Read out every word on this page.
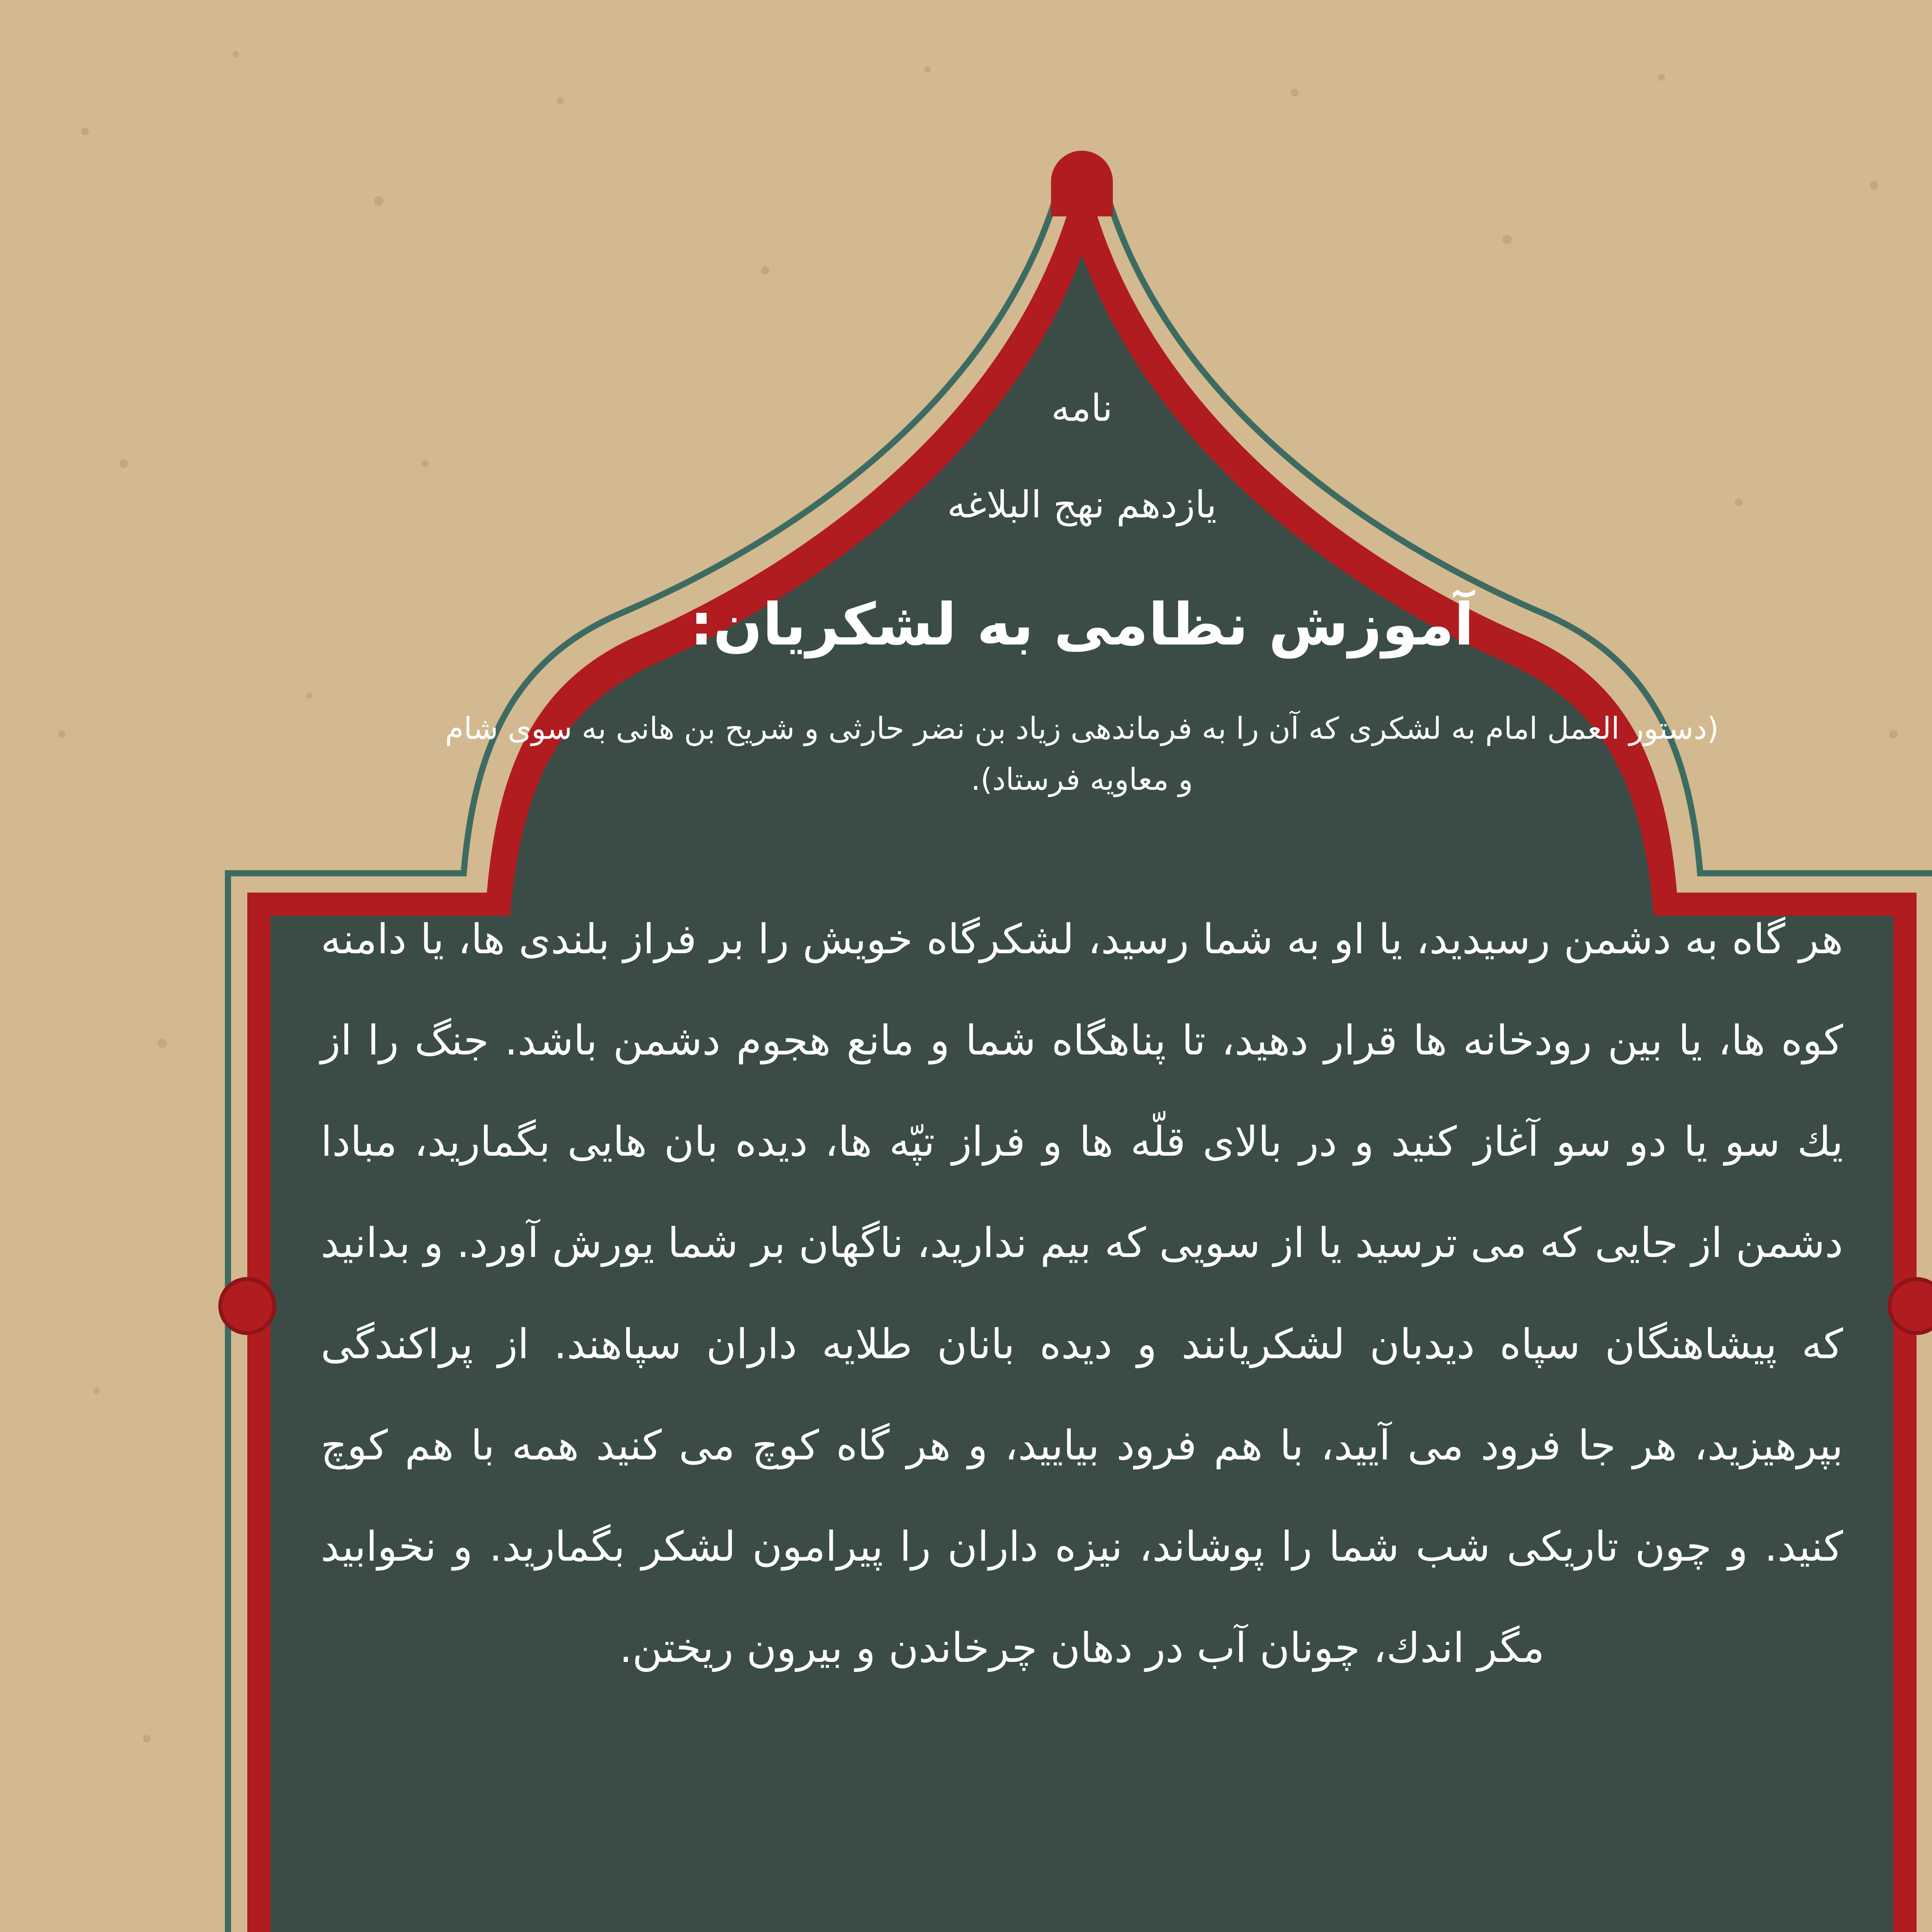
نامه
یازدهم نهج البلاغه
آموزش نظامی به لشکریان:
(دستور العمل امام به لشکری که آن را به فرماندهی زیاد بن نضر حارثی و شریح بن هانی به سوی شام و معاویه فرستاد).
هر گاه به دشمن رسیدید، یا او به شما رسید، لشکرگاه خویش را بر فراز بلندی ها، یا دامنه کوه ها، یا بین رودخانه ها قرار دهید، تا پناهگاه شما و مانع هجوم دشمن باشد. جنگ را از يك سو یا دو سو آغاز کنید و در بالای قلّه ها و فراز تپّه ها، دیده بان هایی بگمارید، مبادا دشمن از جایی که می ترسید یا از سویی که بیم ندارید، ناگهان بر شما یورش آورد. و بدانید که پیشاهنگان سپاه دیدبان لشکریانند و دیده بانان طلایه داران سپاهند. از پراکندگی بپرهیزید، هر جا فرود می آیید، با هم فرود بیایید، و هر گاه کوچ می کنید همه با هم کوچ کنید. و چون تاریکی شب شما را پوشاند، نیزه داران را پیرامون لشکر بگمارید. و نخوابید مگر اندك، چونان آب در دهان چرخاندن و بیرون ریختن.
